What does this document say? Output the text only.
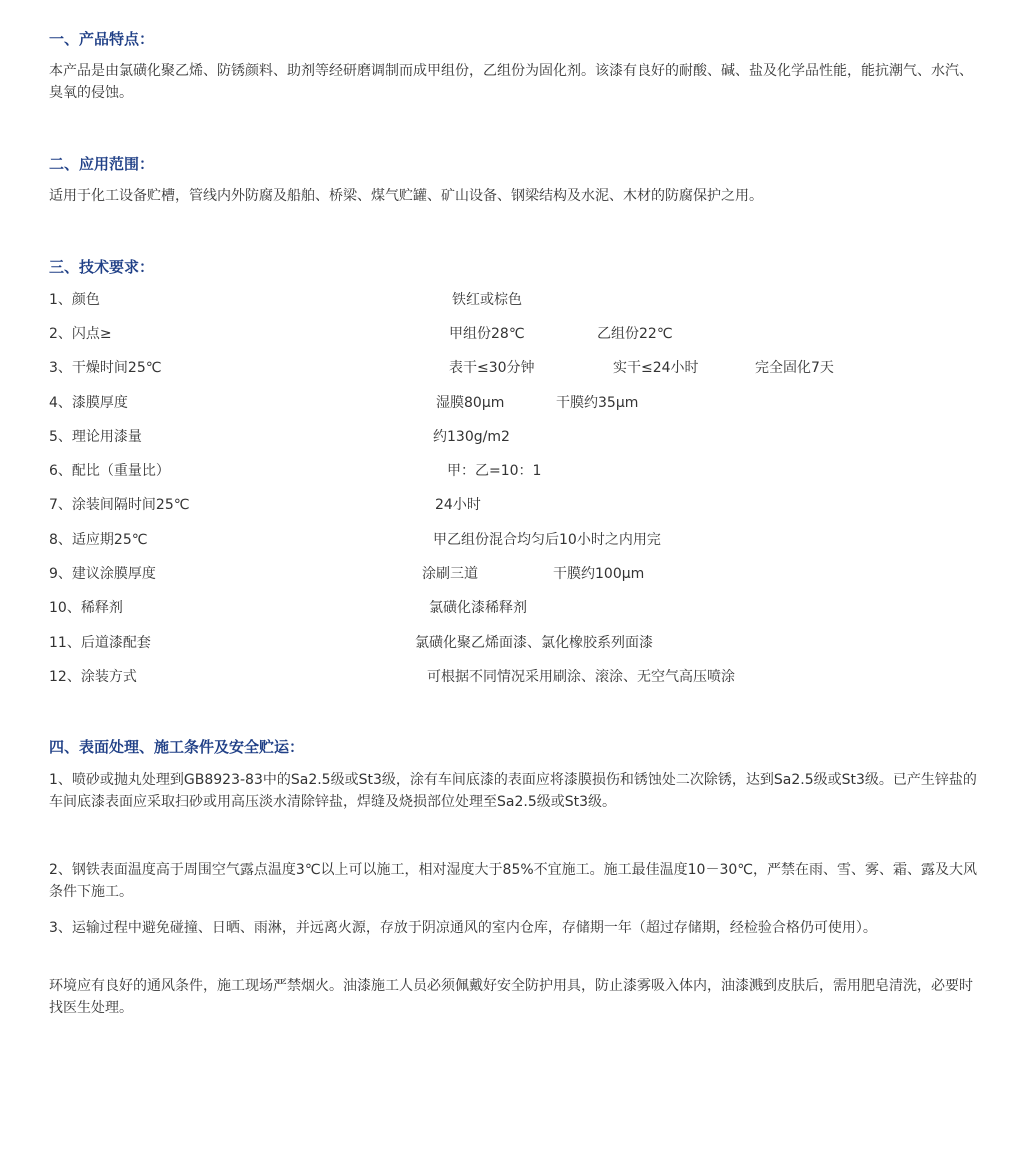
一、产品特点：
本产品是由氯磺化聚乙烯、防锈颜料、助剂等经研磨调制而成甲组份，乙组份为固化剂。该漆有良好的耐酸、碱、盐及化学品性能，能抗潮气、水汽、臭氧的侵蚀。
二、应用范围：
适用于化工设备贮槽，管线内外防腐及船舶、桥梁、煤气贮罐、矿山设备、钢梁结构及水泥、木材的防腐保护之用。
三、技术要求：
1、颜色	铁红或棕色
2、闪点≥	甲组份28℃	乙组份22℃
3、干燥时间25℃	表干≤30分钟	实干≤24小时	完全固化7天
4、漆膜厚度	湿膜80μm	干膜约35μm
5、理论用漆量	约130g/m2
6、配比（重量比）	甲：乙=10：1
7、涂装间隔时间25℃	24小时
8、适应期25℃	甲乙组份混合均匀后10小时之内用完
9、建议涂膜厚度	涂刷三道	干膜约100μm
10、稀释剂	氯磺化漆稀释剂
11、后道漆配套	氯磺化聚乙烯面漆、氯化橡胶系列面漆
12、涂装方式	可根据不同情况采用刷涂、滚涂、无空气高压喷涂
四、表面处理、施工条件及安全贮运：
1、喷砂或抛丸处理到GB8923-83中的Sa2.5级或St3级，涂有车间底漆的表面应将漆膜损伤和锈蚀处二次除锈，达到Sa2.5级或St3级。已产生锌盐的车间底漆表面应采取扫砂或用高压淡水清除锌盐，焊缝及烧损部位处理至Sa2.5级或St3级。
2、钢铁表面温度高于周围空气露点温度3℃以上可以施工，相对湿度大于85%不宜施工。施工最佳温度10－30℃，严禁在雨、雪、雾、霜、露及大风条件下施工。
3、运输过程中避免碰撞、日晒、雨淋，并远离火源，存放于阴凉通风的室内仓库，存储期一年（超过存储期，经检验合格仍可使用）。
环境应有良好的通风条件，施工现场严禁烟火。油漆施工人员必须佩戴好安全防护用具，防止漆雾吸入体内，油漆溅到皮肤后，需用肥皂清洗，必要时找医生处理。
